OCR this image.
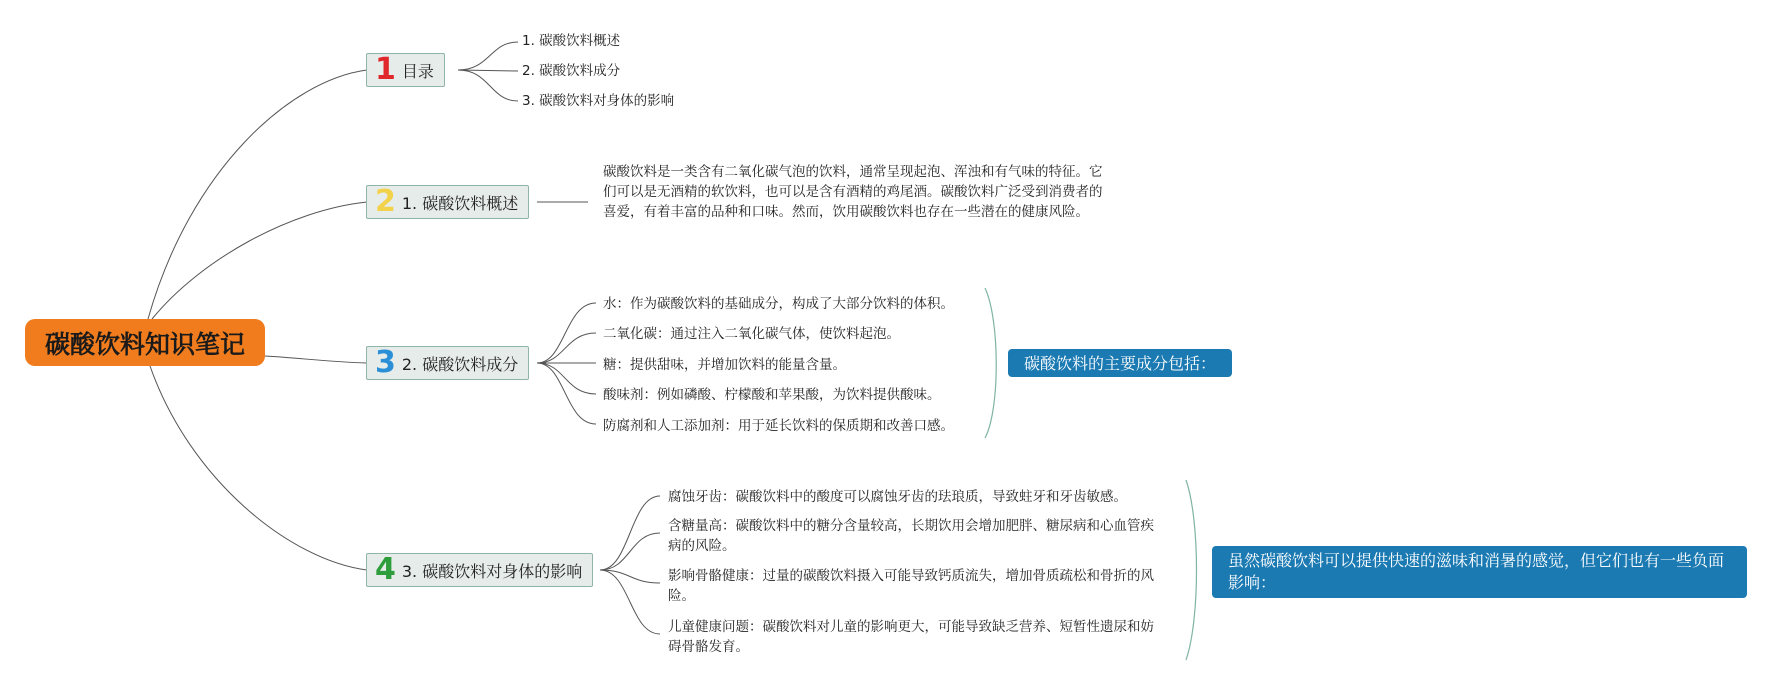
碳酸饮料知识笔记
1 目录
2 1. 碳酸饮料概述
3 2. 碳酸饮料成分
4 3. 碳酸饮料对身体的影响
1. 碳酸饮料概述
2. 碳酸饮料成分
3. 碳酸饮料对身体的影响
碳酸饮料是一类含有二氧化碳气泡的饮料，通常呈现起泡、浑浊和有气味的特征。它们可以是无酒精的软饮料，也可以是含有酒精的鸡尾酒。碳酸饮料广泛受到消费者的喜爱，有着丰富的品种和口味。然而，饮用碳酸饮料也存在一些潜在的健康风险。
水：作为碳酸饮料的基础成分，构成了大部分饮料的体积。
二氧化碳：通过注入二氧化碳气体，使饮料起泡。
糖：提供甜味，并增加饮料的能量含量。
酸味剂：例如磷酸、柠檬酸和苹果酸，为饮料提供酸味。
防腐剂和人工添加剂：用于延长饮料的保质期和改善口感。
碳酸饮料的主要成分包括：
腐蚀牙齿：碳酸饮料中的酸度可以腐蚀牙齿的珐琅质，导致蛀牙和牙齿敏感。
含糖量高：碳酸饮料中的糖分含量较高，长期饮用会增加肥胖、糖尿病和心血管疾病的风险。
影响骨骼健康：过量的碳酸饮料摄入可能导致钙质流失，增加骨质疏松和骨折的风险。
儿童健康问题：碳酸饮料对儿童的影响更大，可能导致缺乏营养、短暂性遗尿和妨碍骨骼发育。
虽然碳酸饮料可以提供快速的滋味和消暑的感觉，但它们也有一些负面影响：
